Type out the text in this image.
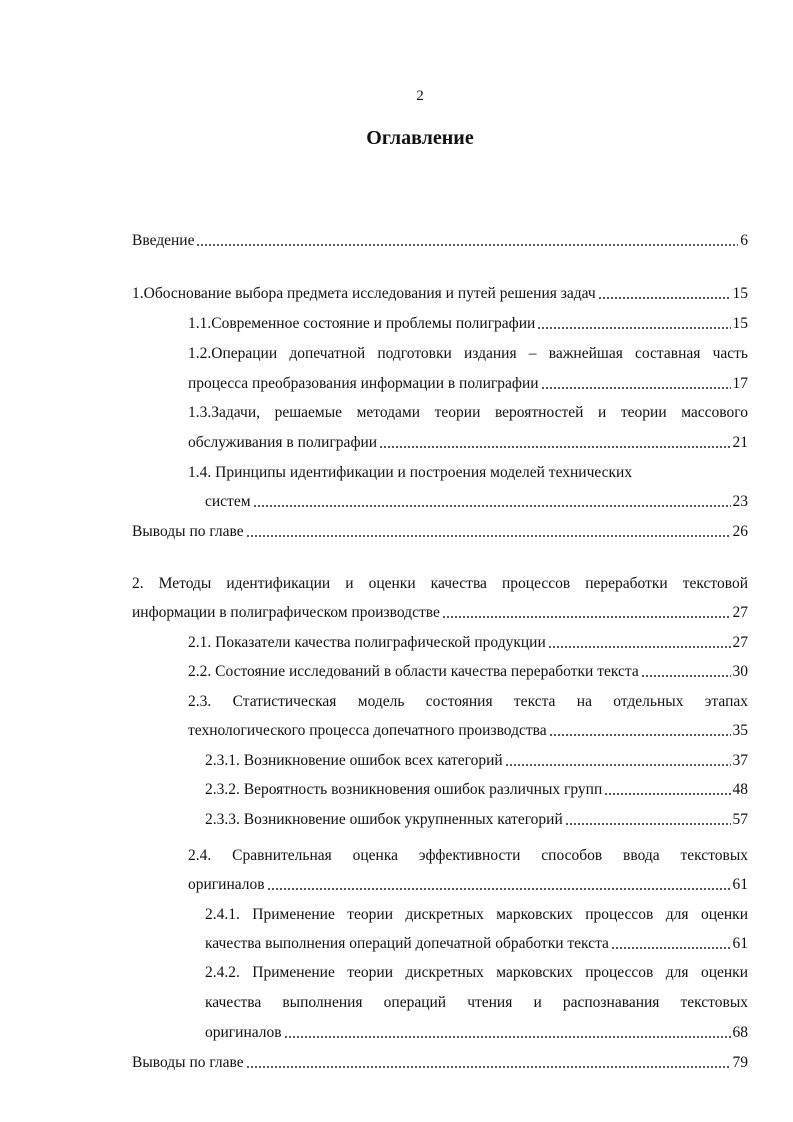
2
Оглавление
Введение	6
1.Обоснование выбора предмета исследования и путей решения задач	15
1.1.Современное состояние и проблемы полиграфии	15
1.2.Операции допечатной подготовки издания – важнейшая составная часть
процесса преобразования информации в полиграфии	17
1.3.Задачи, решаемые методами теории вероятностей и теории массового
обслуживания в полиграфии	21
1.4. Принципы идентификации и построения моделей технических
систем	23
Выводы по главе	26
2. Методы идентификации и оценки качества процессов переработки текстовой
информации в полиграфическом производстве	27
2.1. Показатели качества полиграфической продукции	27
2.2. Состояние исследований в области качества переработки текста	30
2.3. Статистическая модель состояния текста на отдельных этапах
технологического процесса допечатного производства	35
2.3.1. Возникновение ошибок всех категорий	37
2.3.2. Вероятность возникновения ошибок различных групп	48
2.3.3. Возникновение ошибок укрупненных категорий	57
2.4. Сравнительная оценка эффективности способов ввода текстовых
оригиналов	61
2.4.1. Применение теории дискретных марковских процессов для оценки
качества выполнения операций допечатной обработки текста	61
2.4.2. Применение теории дискретных марковских процессов для оценки
качества выполнения операций чтения и распознавания текстовых
оригиналов	68
Выводы по главе	79
